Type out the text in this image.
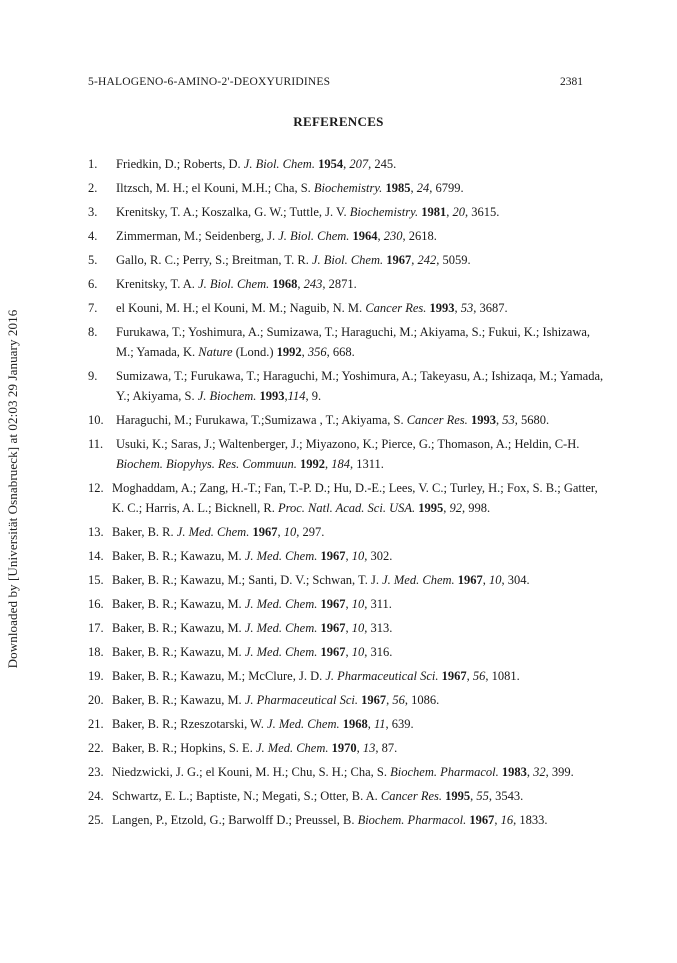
Downloaded by [Universität Osnabrueck] at 02:03 29 January 2016
5-HALOGENO-6-AMINO-2'-DEOXYURIDINES	2381
REFERENCES
1. Friedkin, D.; Roberts, D. J. Biol. Chem. 1954, 207, 245.
2. Iltzsch, M. H.; el Kouni, M.H.; Cha, S. Biochemistry. 1985, 24, 6799.
3. Krenitsky, T. A.; Koszalka, G. W.; Tuttle, J. V. Biochemistry. 1981, 20, 3615.
4. Zimmerman, M.; Seidenberg, J. J. Biol. Chem. 1964, 230, 2618.
5. Gallo, R. C.; Perry, S.; Breitman, T. R. J. Biol. Chem. 1967, 242, 5059.
6. Krenitsky, T. A. J. Biol. Chem. 1968, 243, 2871.
7. el Kouni, M. H.; el Kouni, M. M.; Naguib, N. M. Cancer Res. 1993, 53, 3687.
8. Furukawa, T.; Yoshimura, A.; Sumizawa, T.; Haraguchi, M.; Akiyama, S.; Fukui, K.; Ishizawa, M.; Yamada, K. Nature (Lond.) 1992, 356, 668.
9. Sumizawa, T.; Furukawa, T.; Haraguchi, M.; Yoshimura, A.; Takeyasu, A.; Ishizaqa, M.; Yamada, Y.; Akiyama, S. J. Biochem. 1993,114, 9.
10. Haraguchi, M.; Furukawa, T.;Sumizawa , T.; Akiyama, S. Cancer Res. 1993, 53, 5680.
11. Usuki, K.; Saras, J.; Waltenberger, J.; Miyazono, K.; Pierce, G.; Thomason, A.; Heldin, C-H. Biochem. Biopyhys. Res. Commuun. 1992, 184, 1311.
12. Moghaddam, A.; Zang, H.-T.; Fan, T.-P. D.; Hu, D.-E.; Lees, V. C.; Turley, H.; Fox, S. B.; Gatter, K. C.; Harris, A. L.; Bicknell, R. Proc. Natl. Acad. Sci. USA. 1995, 92, 998.
13. Baker, B. R. J. Med. Chem. 1967, 10, 297.
14. Baker, B. R.; Kawazu, M. J. Med. Chem. 1967, 10, 302.
15. Baker, B. R.; Kawazu, M.; Santi, D. V.; Schwan, T. J. J. Med. Chem. 1967, 10, 304.
16. Baker, B. R.; Kawazu, M. J. Med. Chem. 1967, 10, 311.
17. Baker, B. R.; Kawazu, M. J. Med. Chem. 1967, 10, 313.
18. Baker, B. R.; Kawazu, M. J. Med. Chem. 1967, 10, 316.
19. Baker, B. R.; Kawazu, M.; McClure, J. D. J. Pharmaceutical Sci. 1967, 56, 1081.
20. Baker, B. R.; Kawazu, M. J. Pharmaceutical Sci. 1967, 56, 1086.
21. Baker, B. R.; Rzeszotarski, W. J. Med. Chem. 1968, 11, 639.
22. Baker, B. R.; Hopkins, S. E. J. Med. Chem. 1970, 13, 87.
23. Niedzwicki, J. G.; el Kouni, M. H.; Chu, S. H.; Cha, S. Biochem. Pharmacol. 1983, 32, 399.
24. Schwartz, E. L.; Baptiste, N.; Megati, S.; Otter, B. A. Cancer Res. 1995, 55, 3543.
25. Langen, P., Etzold, G.; Barwolff D.; Preussel, B. Biochem. Pharmacol. 1967, 16, 1833.
